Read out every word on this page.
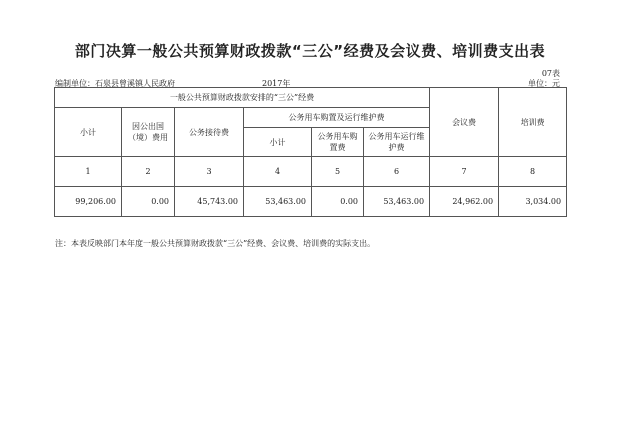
部门决算一般公共预算财政拨款“三公”经费及会议费、培训费支出表
07表
编制单位：石泉县曾溪镇人民政府	2017年	单位：元
一般公共预算财政拨款安排的“三公”经费						会议费	培训费
小计	因公出国（境）费用	公务接待费	公务用车购置及运行维护费				
			小计	公务用车购置费	公务用车运行维护费		
1	2	3	4	5	6	7	8
99,206.00	0.00	45,743.00	53,463.00	0.00	53,463.00	24,962.00	3,034.00
注：本表反映部门本年度一般公共预算财政拨款“三公”经费、会议费、培训费的实际支出。
